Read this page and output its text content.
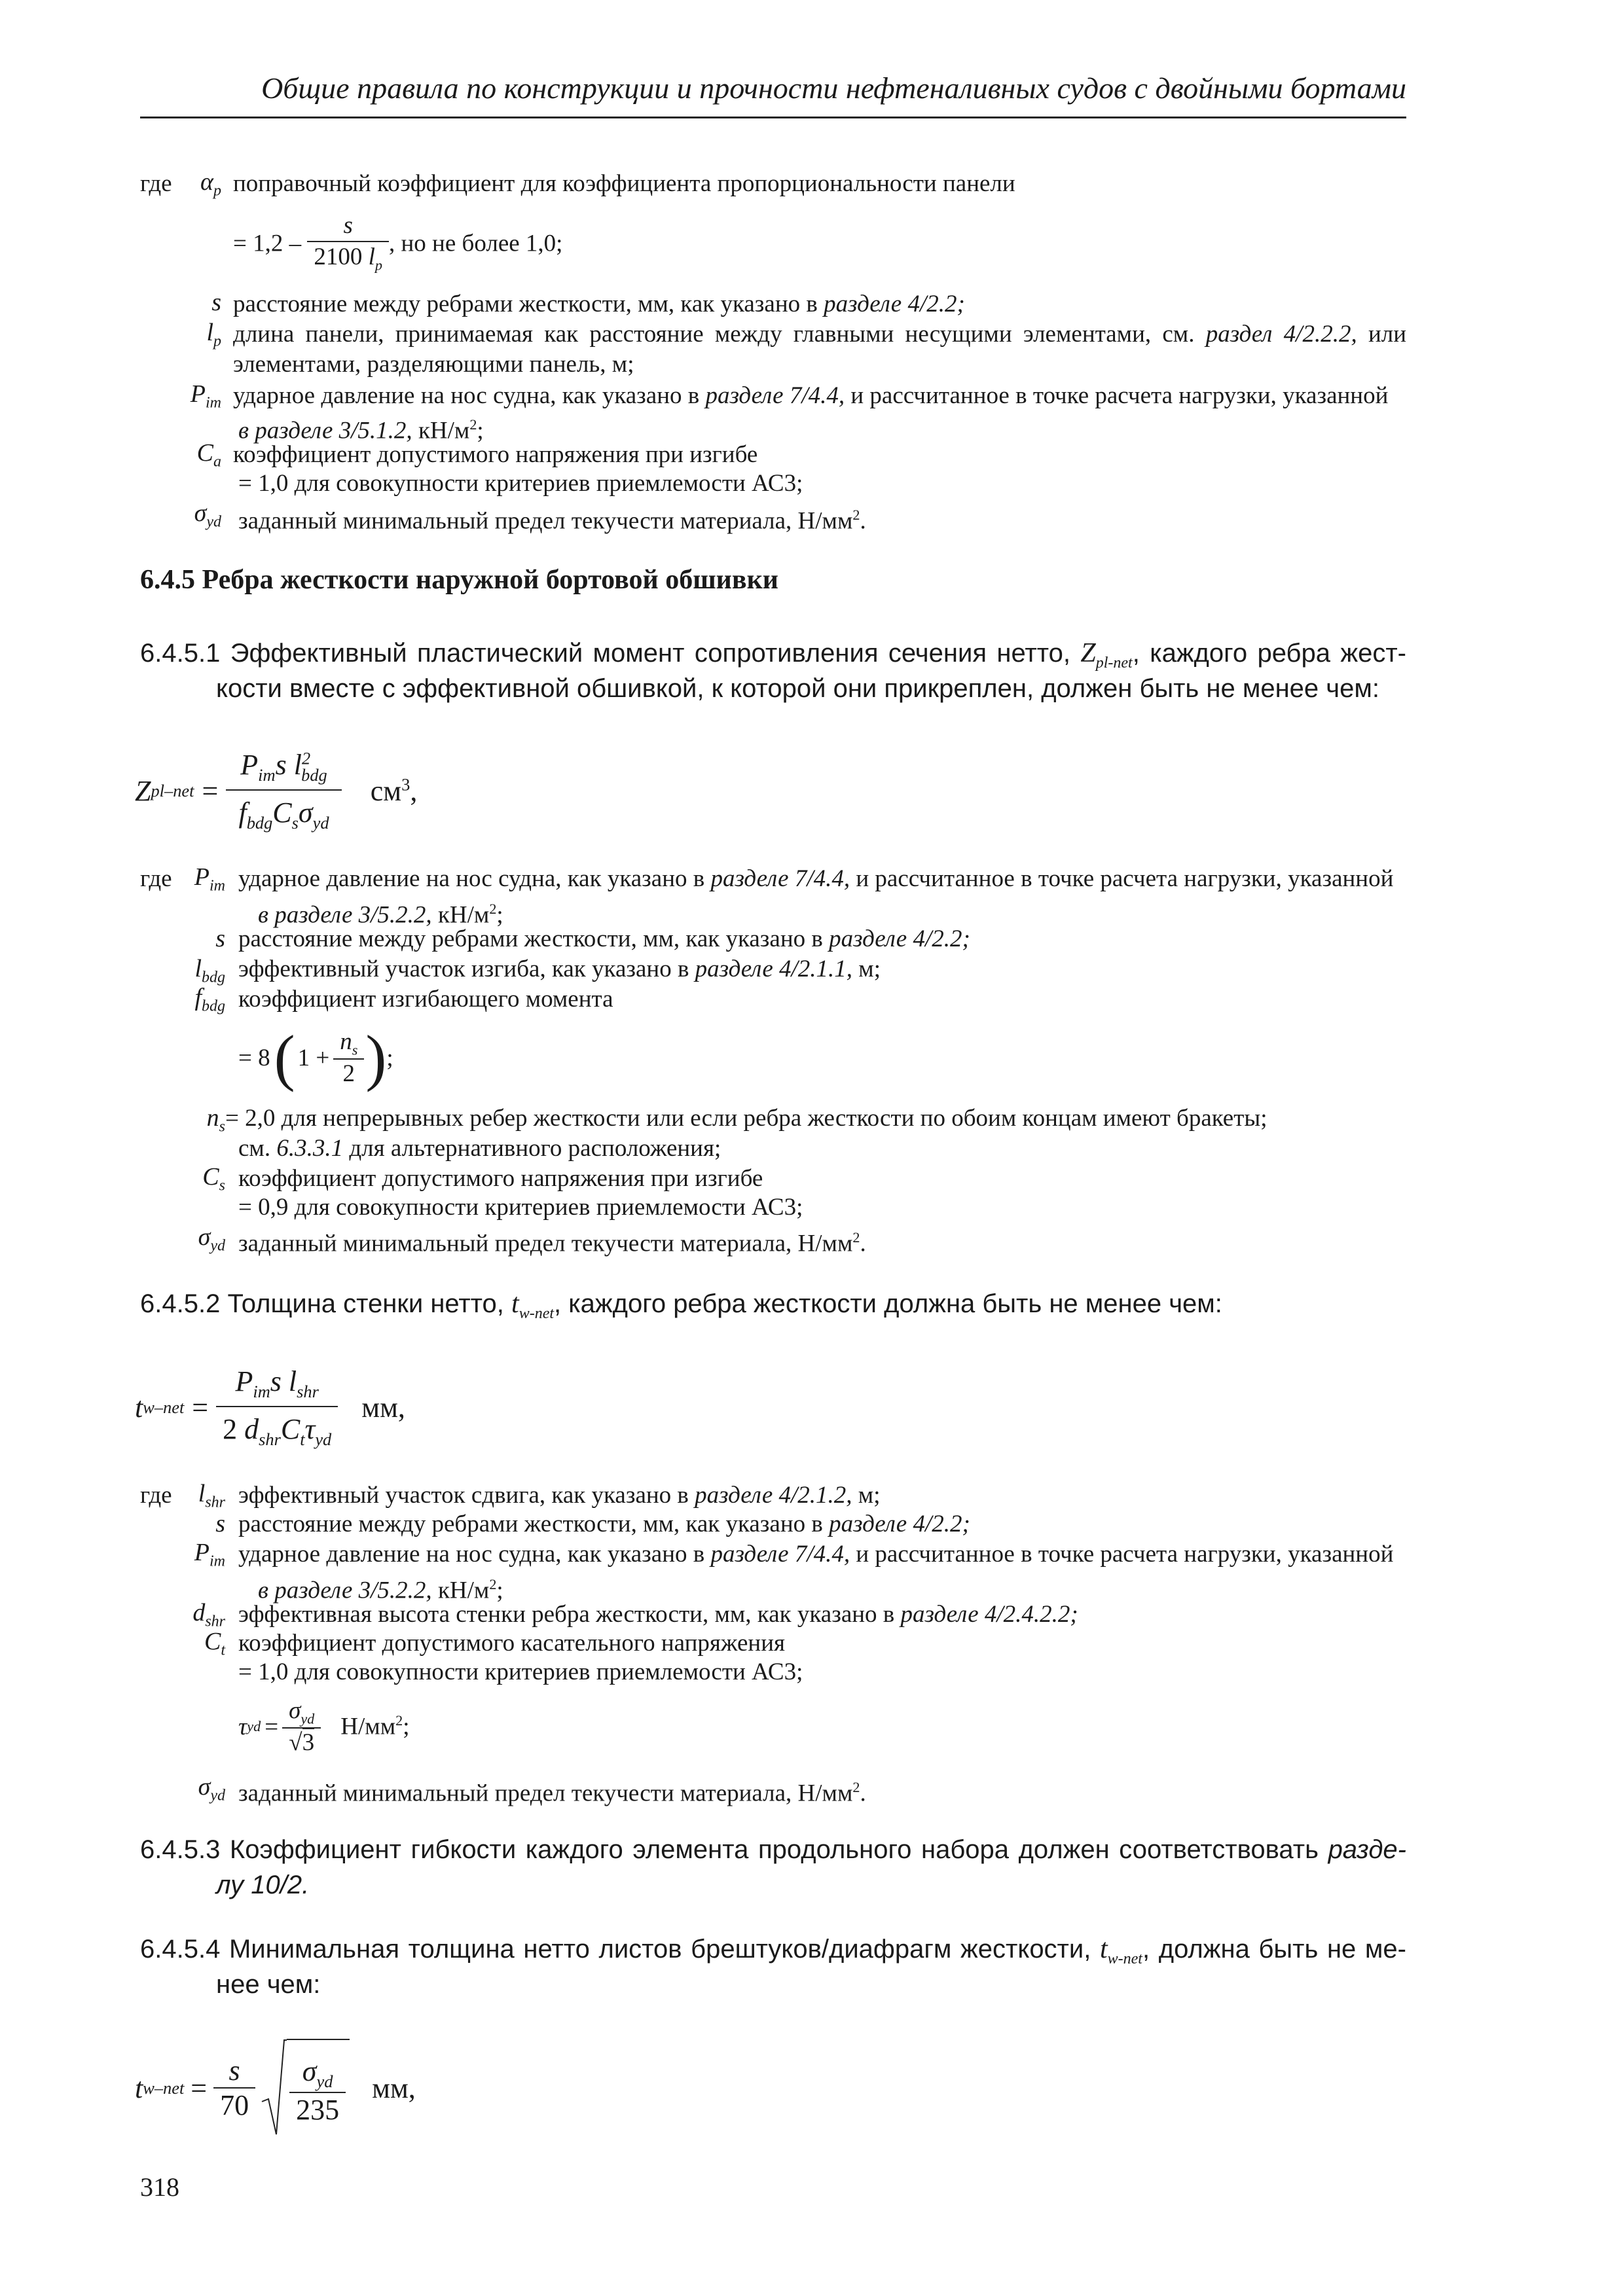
Общие правила по конструкции и прочности нефтеналивных судов с двойными бортами
где	$\alpha_p$ поправочный коэффициент для коэффициента пропорциональности панели
= $1,2 - \frac{s}{2100 l_p}$ , но не более 1,0;
s расстояние между ребрами жесткости, мм, как указано в разделе 4/2.2;
$l_p$ длина панели, принимаемая как расстояние между главными несущими элементами, см. раздел 4/2.2.2, или
элементами, разделяющими панель, м;
$P_{im}$ ударное давление на нос судна, как указано в разделе 7/4.4, и рассчитанное в точке расчета нагрузки, указанной
в разделе 3/5.1.2, $кН/м^2$;
$C_a$ коэффициент допустимого напряжения при изгибе
= 1,0 для совокупности критериев приемлемости АС3;
$\sigma_{yd}$ заданный минимальный предел текучести материала, $Н/мм^2$.
6.4.5 Ребра жесткости наружной бортовой обшивки
6.4.5.1 Эффективный пластический момент сопротивления сечения нетто, $Z_{pl-net}$, каждого ребра жест-
кости вместе с эффективной обшивкой, к которой они прикреплен, должен быть не менее чем:
Z $pl-net = \frac{P_{im}s l^2_{bdg}}{f_{bdg}C_s\sigma_{yd}} см^3$,
где $P_{im}$ ударное давление на нос судна, как указано в разделе 7/4.4, и рассчитанное в точке расчета нагрузки, указанной
в разделе 3/5.2.2, $кН/м^2$;
s расстояние между ребрами жесткости, мм, как указано в разделе 4/2.2;
$l_{bdg}$ эффективный участок изгиба, как указано в разделе 4/2.1.1, м;
$f_{bdg}$ коэффициент изгибающего момента
= 8 ( $1 + \frac{n_s}{2}$ ) ;
$n_s = 2,0$ для непрерывных ребер жесткости или если ребра жесткости по обоим концам имеют бракеты;
см. 6.3.3.1 для альтернативного расположения;
$C_s$ коэффициент допустимого напряжения при изгибе
= 0,9 для совокупности критериев приемлемости АС3;
$\sigma_{yd}$ заданный минимальный предел текучести материала, $Н/мм^2$.
6.4.5.2 Толщина стенки нетто, $t_{w-net}$, каждого ребра жесткости должна быть не менее чем:
t $w-net = \frac{P_{im}s l_{shr}}{2 d_{shr}C_t\tau_{yd}}$ мм,
где	$l_{shr}$ эффективный участок сдвига, как указано в разделе 4/2.1.2, м;
s расстояние между ребрами жесткости, мм, как указано в разделе 4/2.2;
$P_{im}$ ударное давление на нос судна, как указано в разделе 7/4.4, и рассчитанное в точке расчета нагрузки, указанной
в разделе 3/5.2.2, $кН/м^2$;
$d_{shr}$ эффективная высота стенки ребра жесткости, мм, как указано в разделе 4/2.4.2.2;
$C_t$ коэффициент допустимого касательного напряжения
= 1,0 для совокупности критериев приемлемости АС3;
τ yd = $\frac{\sigma_{yd}}{√3} Н/мм^2$;
$\sigma_{yd}$ заданный минимальный предел текучести материала, $Н/мм^2$.
6.4.5.3 Коэффициент гибкости каждого элемента продольного набора должен соответствовать разде-
лу 10/2.
6.4.5.4 Минимальная толщина нетто листов брештуков/диафрагм жесткости, $t_{w-net}$, должна быть не ме-
нее чем:
t $w-net = \frac{s}{70} \frac{\sigma_{yd}}{235}$ мм,
318
